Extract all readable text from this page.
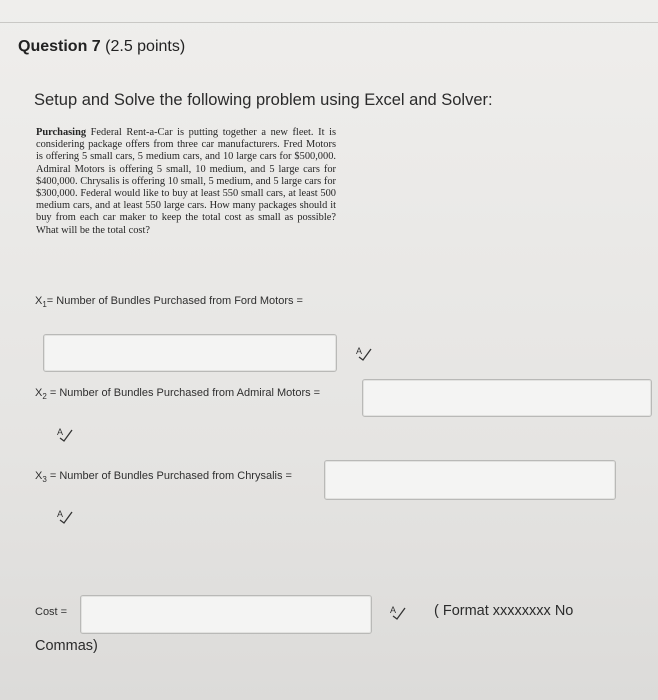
Question 7 (2.5 points)
Setup and Solve the following problem using Excel and Solver:
Purchasing Federal Rent-a-Car is putting together a new fleet. It is considering package offers from three car manufacturers. Fred Motors is offering 5 small cars, 5 medium cars, and 10 large cars for $500,000. Admiral Motors is offering 5 small, 10 medium, and 5 large cars for $400,000. Chrysalis is offering 10 small, 5 medium, and 5 large cars for $300,000. Federal would like to buy at least 550 small cars, at least 500 medium cars, and at least 550 large cars. How many packages should it buy from each car maker to keep the total cost as small as possible? What will be the total cost?
$X_1=$ Number of Bundles Purchased from Ford Motors =
A
$X_2$ = Number of Bundles Purchased from Admiral Motors =
A
$X_3$ = Number of Bundles Purchased from Chrysalis =
A
Cost =	A	( Format xxxxxxxx No
Commas)
